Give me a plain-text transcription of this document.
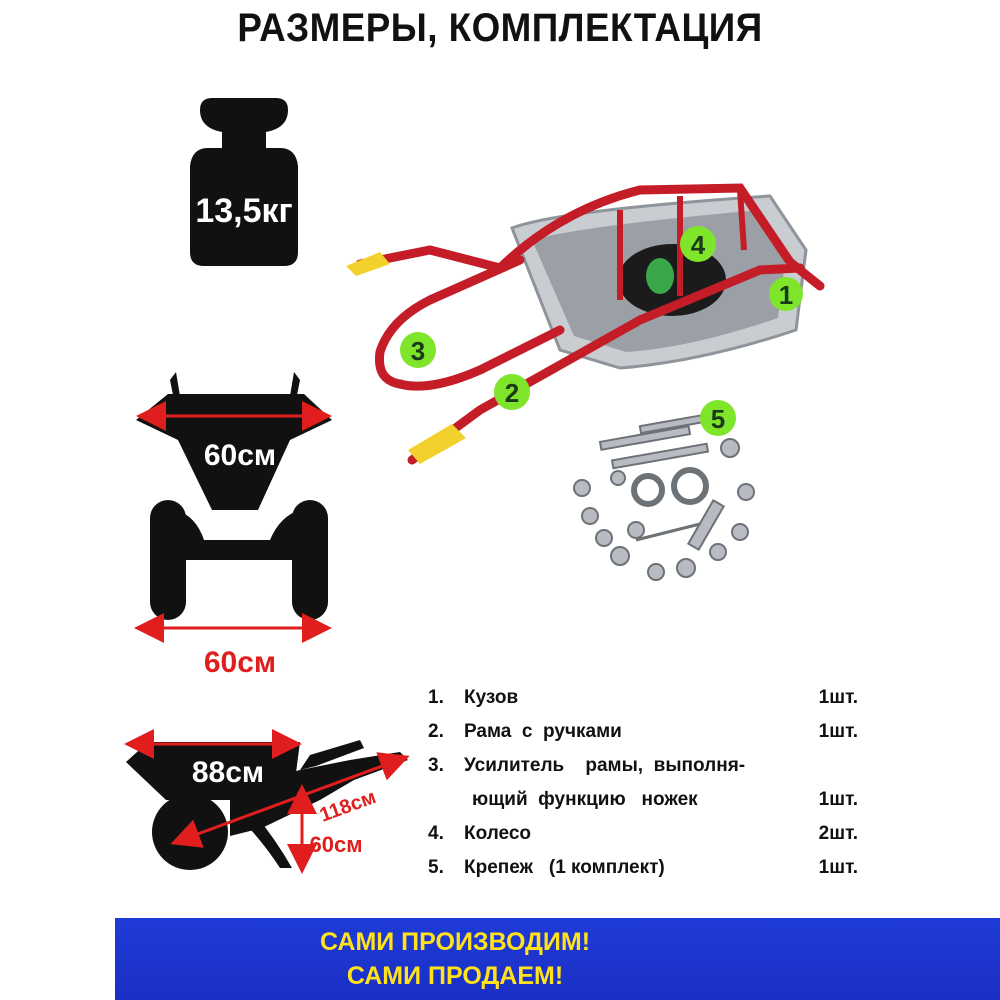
РАЗМЕРЫ, КОМПЛЕКТАЦИЯ
13,5кг
60см
60см
88см
118см
60см
1
2
3
4
5
1.	Кузов	1шт.
2.	Рама  с  ручками	1шт.
3.	Усилитель    рамы,  выполня-
ющий  функцию   ножек	1шт.
4.	Колесо	2шт.
5.	Крепеж   (1 комплект)	1шт.
САМИ ПРОИЗВОДИМ!
САМИ ПРОДАЕМ!
